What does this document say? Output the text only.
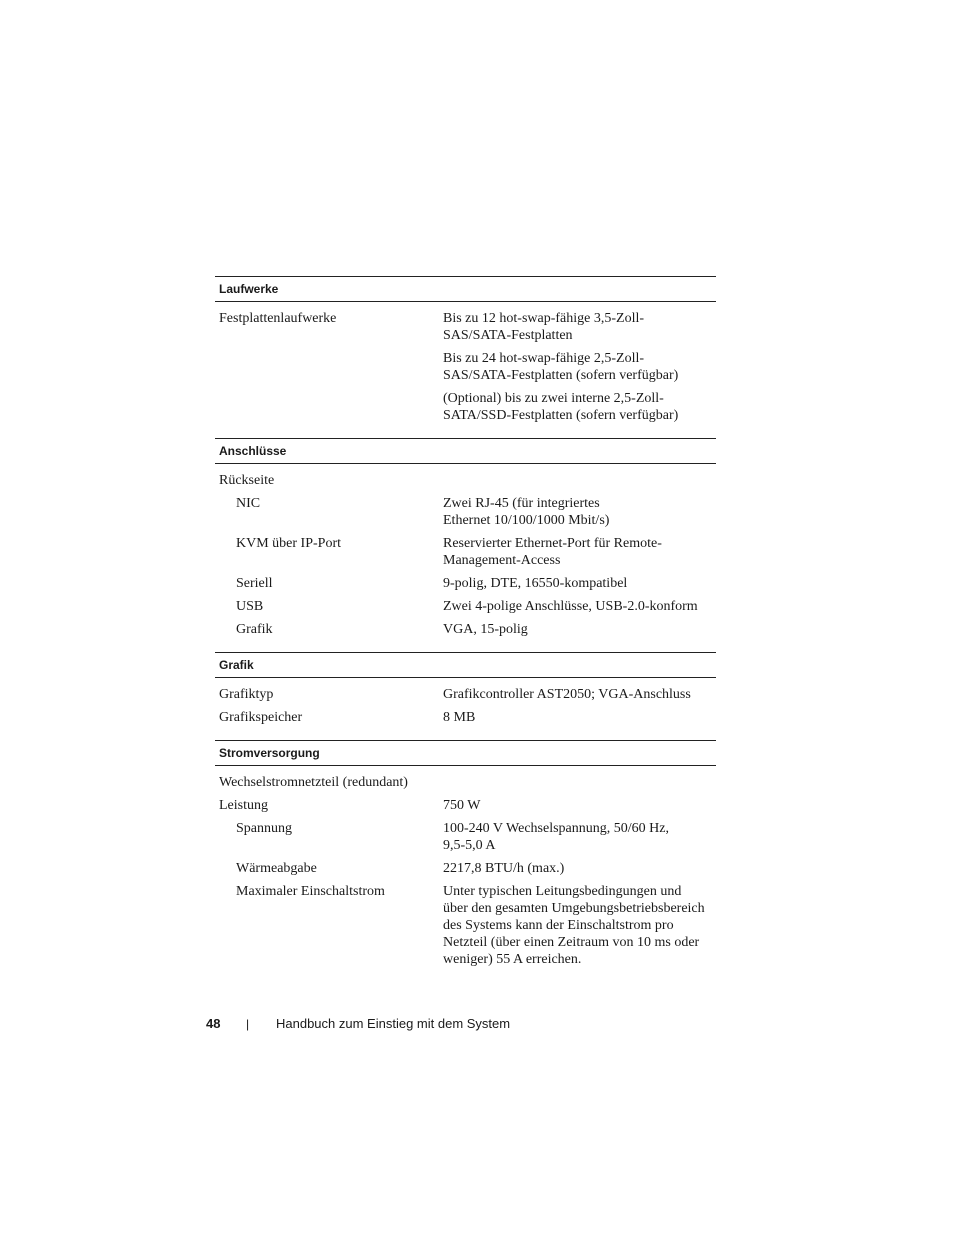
Laufwerke
Festplattenlaufwerke	Bis zu 12 hot-swap-fähige 3,5-Zoll-
SAS/SATA-Festplatten
Bis zu 24 hot-swap-fähige 2,5-Zoll-
SAS/SATA-Festplatten (sofern verfügbar)
(Optional) bis zu zwei interne 2,5-Zoll-
SATA/SSD-Festplatten (sofern verfügbar)
Anschlüsse
Rückseite
NIC	Zwei RJ-45 (für integriertes
Ethernet 10/100/1000 Mbit/s)
KVM über IP-Port	Reservierter Ethernet-Port für Remote-
Management-Access
Seriell	9-polig, DTE, 16550-kompatibel
USB	Zwei 4-polige Anschlüsse, USB-2.0-konform
Grafik	VGA, 15-polig
Grafik
Grafiktyp	Grafikcontroller AST2050; VGA-Anschluss
Grafikspeicher	8 MB
Stromversorgung
Wechselstromnetzteil (redundant)
Leistung	750 W
Spannung	100-240 V Wechselspannung, 50/60 Hz,
9,5-5,0 A
Wärmeabgabe	2217,8 BTU/h (max.)
Maximaler Einschaltstrom	Unter typischen Leitungsbedingungen und
über den gesamten Umgebungsbetriebsbereich
des Systems kann der Einschaltstrom pro
Netzteil (über einen Zeitraum von 10 ms oder
weniger) 55 A erreichen.
48	|	Handbuch zum Einstieg mit dem System
